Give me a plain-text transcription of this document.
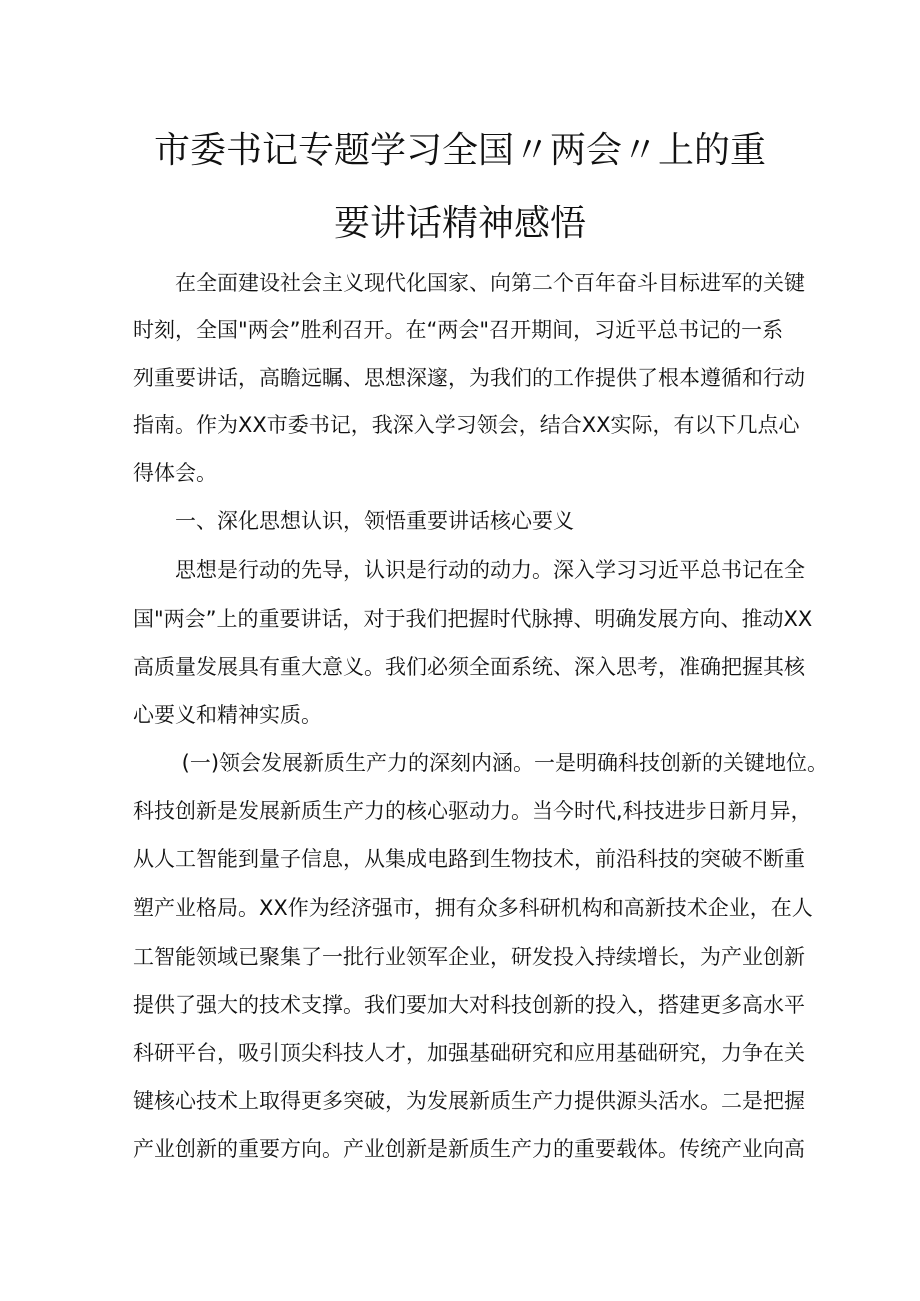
市委书记专题学习全国〃两会〃上的重
要讲话精神感悟
　　在全面建设社会主义现代化国家、向第二个百年奋斗目标进军的关键
时刻，全国"两会”胜利召开。在“两会"召开期间，习近平总书记的一系
列重要讲话，高瞻远瞩、思想深邃，为我们的工作提供了根本遵循和行动
指南。作为XX市委书记，我深入学习领会，结合XX实际，有以下几点心
得体会。
　　一、深化思想认识，领悟重要讲话核心要义
　　思想是行动的先导，认识是行动的动力。深入学习习近平总书记在全
国"两会”上的重要讲话，对于我们把握时代脉搏、明确发展方向、推动XX
高质量发展具有重大意义。我们必须全面系统、深入思考，准确把握其核
心要义和精神实质。
　　 (一)领会发展新质生产力的深刻内涵。一是明确科技创新的关键地位。
科技创新是发展新质生产力的核心驱动力。当今时代,科技进步日新月异，
从人工智能到量子信息，从集成电路到生物技术，前沿科技的突破不断重
塑产业格局。XX作为经济强市，拥有众多科研机构和高新技术企业，在人
工智能领域已聚集了一批行业领军企业，研发投入持续增长，为产业创新
提供了强大的技术支撑。我们要加大对科技创新的投入，搭建更多高水平
科研平台，吸引顶尖科技人才，加强基础研究和应用基础研究，力争在关
键核心技术上取得更多突破，为发展新质生产力提供源头活水。二是把握
产业创新的重要方向。产业创新是新质生产力的重要载体。传统产业向高
